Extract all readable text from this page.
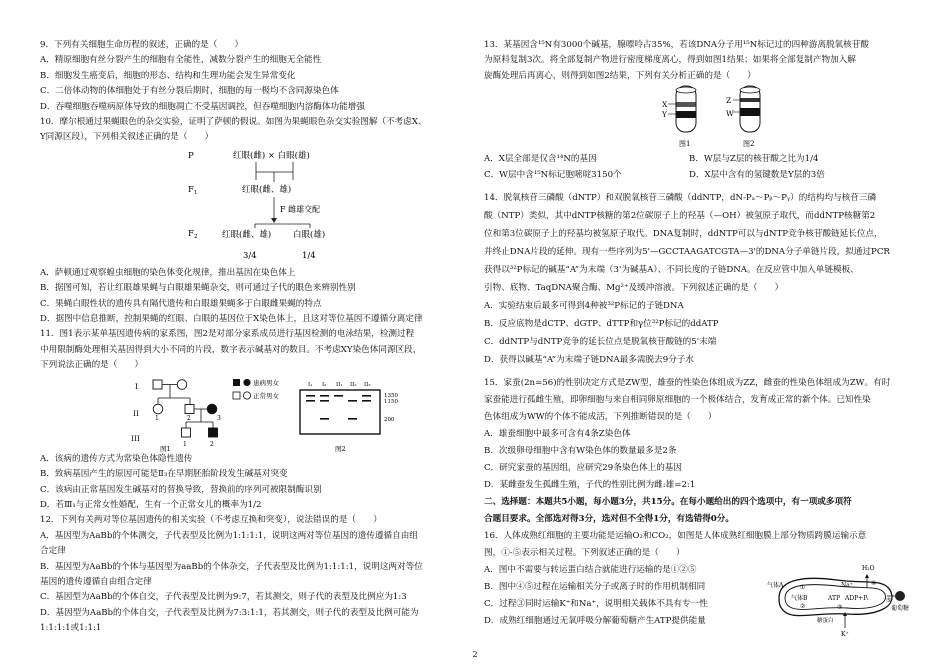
9．下列有关细胞生命历程的叙述，正确的是（　　）

A．精原细胞有丝分裂产生的细胞有全能性，减数分裂产生的细胞无全能性

B．细胞发生癌变后，细胞的形态、结构和生理功能会发生异常变化

C．二倍体动物的体细胞处于有丝分裂后期时，细胞的每一极均不含同源染色体

D．吞噬细胞吞噬病原体导致的细胞凋亡不受基因调控，但吞噬细胞内溶酶体功能增强

10．摩尔根通过果蝇眼色的杂交实验，证明了萨顿的假说。如图为果蝇眼色杂交实验图解（不考虑X、

Y同源区段），下列相关叙述正确的是（　　）

P	红眼(雌) × 白眼(雄)
F 1	红眼(雌、雄)
F 雌雄交配
F 2	红眼(雌、雄)	白眼(雄)
3/4	1/4

A．萨顿通过观察蝗虫细胞的染色体变化规律，推出基因在染色体上

B．据图可知，若让红眼雄果蝇与白眼雄果蝇杂交，则可通过子代的眼色来辨别性别

C．果蝇白眼性状的遗传具有隔代遗传和白眼雄果蝇多于白眼雌果蝇的特点

D．据图中信息推断，控制果蝇的红眼、白眼的基因位于X染色体上，且这对等位基因不遵循分离定律

11．图1表示某单基因遗传病的家系图，图2是对部分家系成员进行基因检测的电泳结果，检测过程

中用限制酶处理相关基因得到大小不同的片段，数字表示碱基对的数目。不考虑XY染色体同源区段，

下列说法正确的是（　　）

I
II
III
1	2	3
1	2
患病男女
正常男女
图1
I₁ I₂ II₁ II₂ II₃
1350
1150
200
图2

A．该病的遗传方式为常染色体隐性遗传

B．致病基因产生的原因可能是Ⅱ₃在早期胚胎阶段发生碱基对突变

C．该病由正常基因发生碱基对的替换导致，替换前的序列可被限制酶识别

D．若Ⅲ₁与正常女性婚配，生有一个正常女儿的概率为1/2

12．下列有关两对等位基因遗传的相关实验（不考虑互换和突变），说法错误的是（　　）

A．基因型为AaBb的个体测交，子代表型及比例为1:1:1:1，说明这两对等位基因的遗传遵循自由组

合定律

B．基因型为AaBb的个体与基因型为aaBb的个体杂交，子代表型及比例为1:1:1:1，说明这两对等位

基因的遗传遵循自由组合定律

C．基因型为AaBb的个体自交，子代表型及比例为9:7，若其测交，则子代的表型及比例应为1:3

D．基因型为AaBb的个体自交，子代表型及比例为7:3:1:1，若其测交，则子代的表型及比例可能为

1:1:1:1或1:1:1

13．某基因含¹⁵N有3000个碱基，腺嘌呤占35%，若该DNA分子用¹⁵N标记过的四种游离脱氧核苷酸

为原料复制3次。将全部复制产物进行密度梯度离心，得到如图1结果；如果将全部复制产物加入解

旋酶处理后再离心，则得到如图2结果，下列有关分析正确的是（　　）

X
Y
图1
Z
W
图2
A．X层全部是仅含¹⁴N的基因	B．W层与Z层的核苷酸之比为1/4
C．W层中含¹⁵N标记胞嘧啶3150个	D．X层中含有的氢键数是Y层的3倍

14．脱氧核苷三磷酸（dNTP）和双脱氧核苷三磷酸（ddNTP，dN-Pₐ～Pᵦ～Pᵧ）的结构均与核苷三磷

酸（NTP）类似，其中dNTP核糖的第2位碳原子上的羟基（—OH）被氢原子取代，而ddNTP核糖第2

位和第3位碳原子上的羟基均被氢原子取代。DNA复制时，ddNTP可以与dNTP竞争核苷酸链延长位点，

并终止DNA片段的延伸。现有一些序列为5'—GCCTAAGATCGTA—3'的DNA分子单链片段，拟通过PCR

获得以³²P标记的碱基“A”为末端（3'为碱基A）、不同长度的子链DNA。在反应管中加入单链模板、

引物、底物、TaqDNA聚合酶、Mg²⁺及缓冲溶液。下列叙述正确的是（　　）

A．实验结束后最多可得到4种被³²P标记的子链DNA

B．反应底物是dCTP、dGTP、dTTP和γ位³²P标记的ddATP

C．ddNTP与dNTP竞争的延长位点是脱氧核苷酸链的5'末端

D．获得以碱基“A”为末端子链DNA最多需脱去9分子水

15．家蚕(2n=56)的性别决定方式是ZW型，雄蚕的性染色体组成为ZZ，雌蚕的性染色体组成为ZW。有时

家蚕能进行孤雌生殖，即卵细胞与来自相同卵原细胞的一个极体结合，发育成正常的新个体。已知性染

色体组成为WW的个体不能成活，下列推断错误的是（　　）

A．雄蚕细胞中最多可含有4条Z染色体

B．次级卵母细胞中含有W染色体的数量最多是2条

C．研究家蚕的基因组，应研究29条染色体上的基因

D．某雌蚕发生孤雌生殖，子代的性别比例为雌:雄=2:1

二、选择题：本题共5小题，每小题3分，共15分。在每小题给出的四个选项中，有一项或多项符

合题目要求。全部选对得3分，选对但不全得1分，有选错得0分。

16．人体成熟红细胞的主要功能是运输O₂和CO₂，如图是人体成熟红细胞膜上部分物质跨膜运输示意

图，①-⑤表示相关过程。下列叙述正确的是（　　）

A．图中不需要与转运蛋白结合就能进行运输的是①②⑤

B．图中④⑤过程在运输相关分子或离子时的作用机制相同

C．过程③同时运输K⁺和Na⁺，说明相关载体不具有专一性

D．成熟红细胞通过无氧呼吸分解葡萄糖产生ATP提供能量

气体A
气体B
①
②
Na⁺
ATP ADP+Pᵢ
③
K⁺
糖蛋白
H₂O
④
葡萄糖
⑤
2
